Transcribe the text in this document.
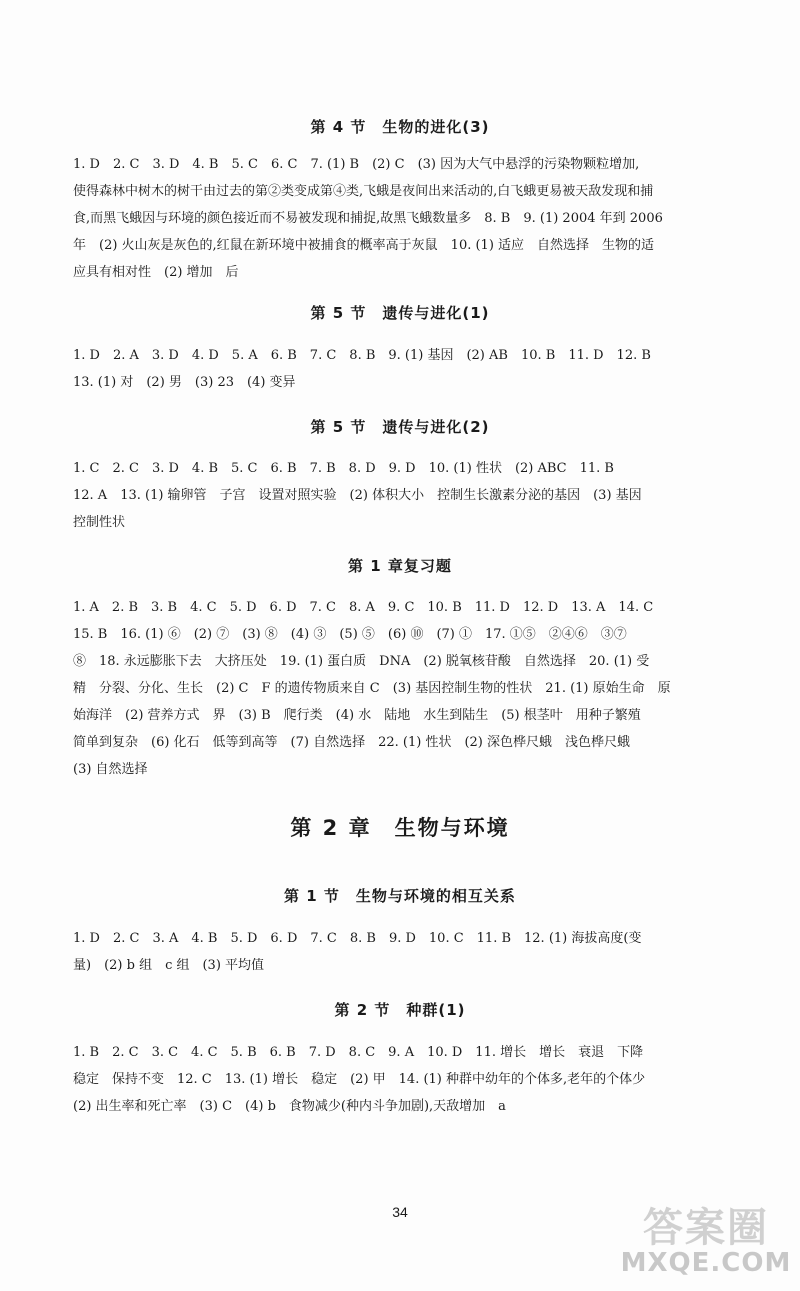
第 4 节　生物的进化(3)
1. D　2. C　3. D　4. B　5. C　6. C　7. (1) B　(2) C　(3) 因为大气中悬浮的污染物颗粒增加,
使得森林中树木的树干由过去的第②类变成第④类,飞蛾是夜间出来活动的,白飞蛾更易被天敌发现和捕
食,而黑飞蛾因与环境的颜色接近而不易被发现和捕捉,故黑飞蛾数量多　8. B　9. (1) 2004 年到 2006
年　(2) 火山灰是灰色的,红鼠在新环境中被捕食的概率高于灰鼠　10. (1) 适应　自然选择　生物的适
应具有相对性　(2) 增加　后
第 5 节　遗传与进化(1)
1. D　2. A　3. D　4. D　5. A　6. B　7. C　8. B　9. (1) 基因　(2) AB　10. B　11. D　12. B
13. (1) 对　(2) 男　(3) 23　(4) 变异
第 5 节　遗传与进化(2)
1. C　2. C　3. D　4. B　5. C　6. B　7. B　8. D　9. D　10. (1) 性状　(2) ABC　11. B
12. A　13. (1) 输卵管　子宫　设置对照实验　(2) 体积大小　控制生长激素分泌的基因　(3) 基因
控制性状
第 1 章复习题
1. A　2. B　3. B　4. C　5. D　6. D　7. C　8. A　9. C　10. B　11. D　12. D　13. A　14. C
15. B　16. (1) ⑥　(2) ⑦　(3) ⑧　(4) ③　(5) ⑤　(6) ⑩　(7) ①　17. ①⑤　②④⑥　③⑦
⑧　18. 永远膨胀下去　大挤压处　19. (1) 蛋白质　DNA　(2) 脱氧核苷酸　自然选择　20. (1) 受
精　分裂、分化、生长　(2) C　F 的遗传物质来自 C　(3) 基因控制生物的性状　21. (1) 原始生命　原
始海洋　(2) 营养方式　界　(3) B　爬行类　(4) 水　陆地　水生到陆生　(5) 根茎叶　用种子繁殖
简单到复杂　(6) 化石　低等到高等　(7) 自然选择　22. (1) 性状　(2) 深色桦尺蛾　浅色桦尺蛾
(3) 自然选择
第 2 章　生物与环境
第 1 节　生物与环境的相互关系
1. D　2. C　3. A　4. B　5. D　6. D　7. C　8. B　9. D　10. C　11. B　12. (1) 海拔高度(变
量)　(2) b 组　c 组　(3) 平均值
第 2 节　种群(1)
1. B　2. C　3. C　4. C　5. B　6. B　7. D　8. C　9. A　10. D　11. 增长　增长　衰退　下降
稳定　保持不变　12. C　13. (1) 增长　稳定　(2) 甲　14. (1) 种群中幼年的个体多,老年的个体少
(2) 出生率和死亡率　(3) C　(4) b　食物减少(种内斗争加剧),天敌增加　a
34	答案圈
MXQE.COM
